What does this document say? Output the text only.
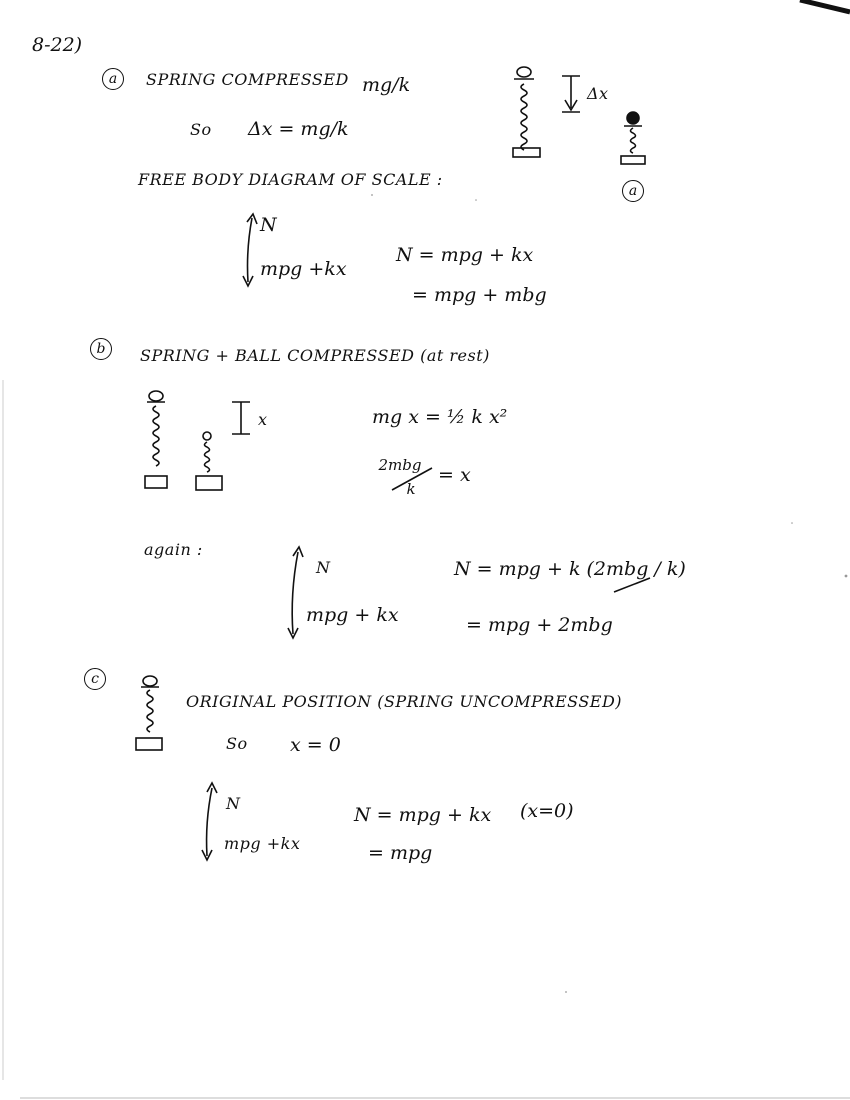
8-22)
a	SPRING COMPRESSED mg/k
So Δx = mg/k
Δx
a
FREE BODY DIAGRAM OF SCALE :
N
mpg +kx
N = mpg + kx
= mpg + mbg
b	SPRING + BALL COMPRESSED (at rest)
x	mg x = ½ k x²
2mbg
k
= x
again :
N
mpg + kx
N = mpg + k (2mbg / k)
= mpg + 2mbg
c
ORIGINAL POSITION (SPRING UNCOMPRESSED)
So x = 0
N
mpg +kx
N = mpg + kx (x=0)
= mpg
